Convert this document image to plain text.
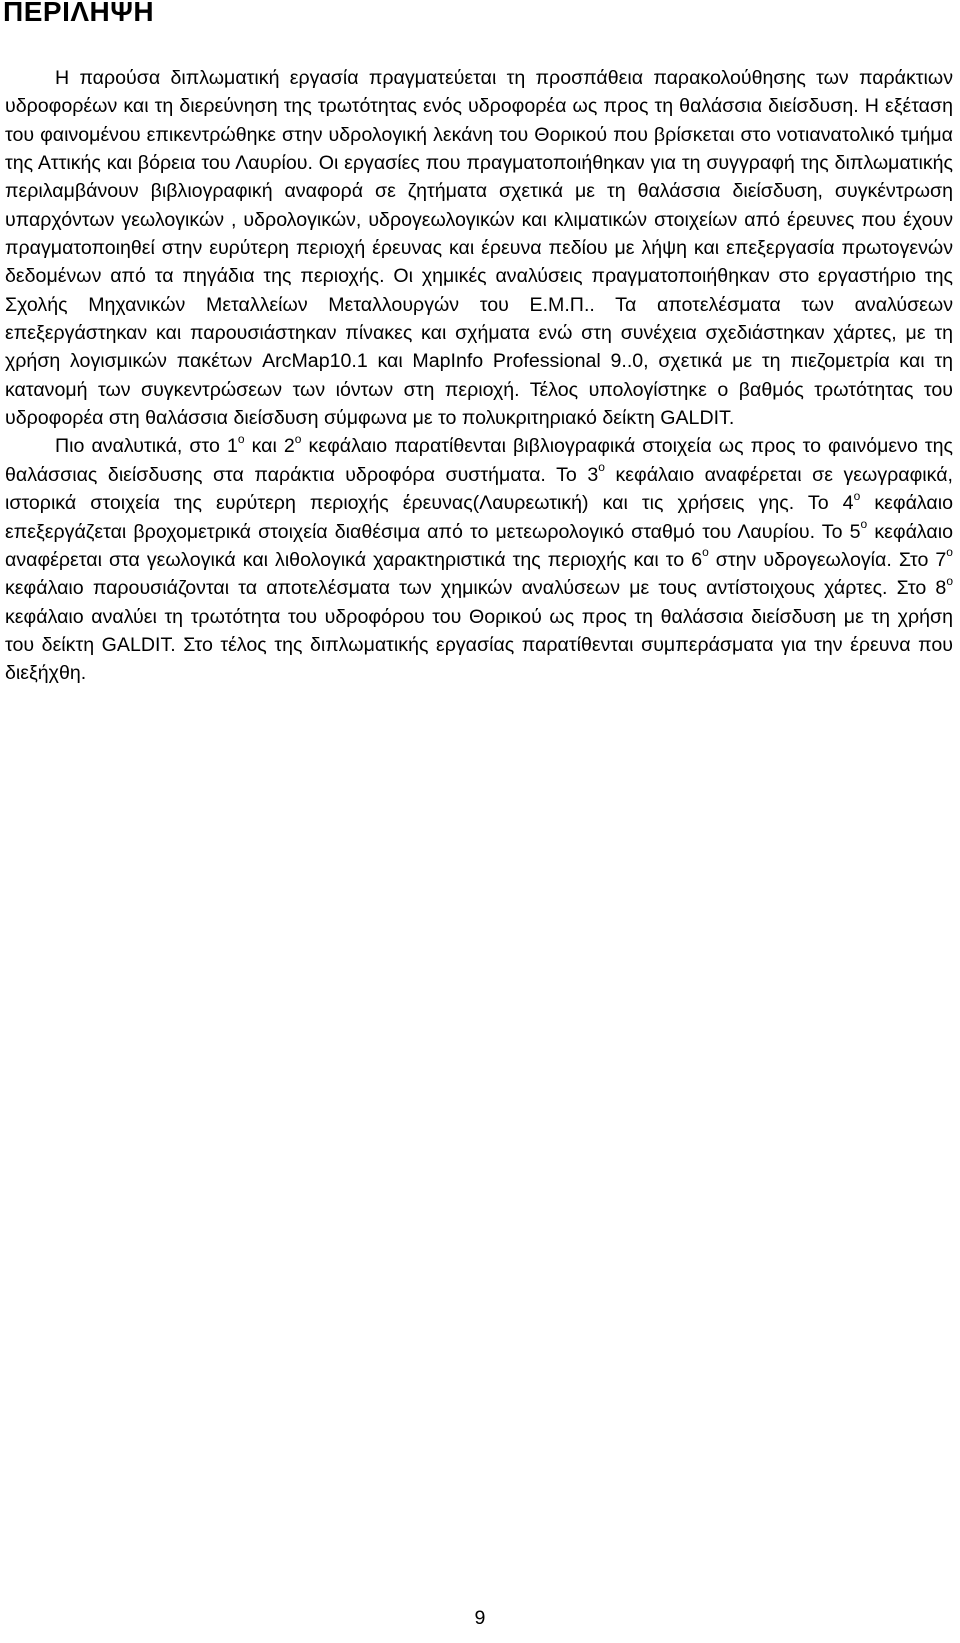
ΠΕΡΙΛΗΨΗ

Η παρούσα διπλωματική εργασία πραγματεύεται τη προσπάθεια παρακολούθησης των παράκτιων υδροφορέων και τη διερεύνηση της τρωτότητας ενός υδροφορέα ως προς τη θαλάσσια διείσδυση. Η εξέταση του φαινομένου επικεντρώθηκε στην υδρολογική λεκάνη του Θορικού που βρίσκεται στο νοτιανατολικό τμήμα της Αττικής και βόρεια του Λαυρίου. Οι εργασίες που πραγματοποιήθηκαν για τη συγγραφή της διπλωματικής περιλαμβάνουν βιβλιογραφική αναφορά σε ζητήματα σχετικά με τη θαλάσσια διείσδυση, συγκέντρωση υπαρχόντων γεωλογικών , υδρολογικών, υδρογεωλογικών και κλιματικών στοιχείων από έρευνες που έχουν πραγματοποιηθεί στην ευρύτερη περιοχή έρευνας και έρευνα πεδίου με λήψη και επεξεργασία πρωτογενών δεδομένων από τα πηγάδια της περιοχής. Οι χημικές αναλύσεις πραγματοποιήθηκαν στο εργαστήριο της Σχολής Μηχανικών Μεταλλείων Μεταλλουργών του Ε.Μ.Π.. Τα αποτελέσματα των αναλύσεων επεξεργάστηκαν και παρουσιάστηκαν πίνακες και σχήματα ενώ στη συνέχεια σχεδιάστηκαν χάρτες, με τη χρήση λογισμικών πακέτων ArcMap10.1 και MapInfo Professional 9..0, σχετικά με τη πιεζομετρία και τη κατανομή των συγκεντρώσεων των ιόντων στη περιοχή. Τέλος υπολογίστηκε ο βαθμός τρωτότητας του υδροφορέα στη θαλάσσια διείσδυση σύμφωνα με το πολυκριτηριακό δείκτη GALDIT.

Πιο αναλυτικά, στο $1^o$ και $2^o$ κεφάλαιο παρατίθενται βιβλιογραφικά στοιχεία ως προς το φαινόμενο της θαλάσσιας διείσδυσης στα παράκτια υδροφόρα συστήματα. Το $3^o$ κεφάλαιο αναφέρεται σε γεωγραφικά, ιστορικά στοιχεία της ευρύτερη περιοχής έρευνας(Λαυρεωτική) και τις χρήσεις γης. Το $4^o$ κεφάλαιο επεξεργάζεται βροχομετρικά στοιχεία διαθέσιμα από το μετεωρολογικό σταθμό του Λαυρίου. Το $5^o$ κεφάλαιο αναφέρεται στα γεωλογικά και λιθολογικά χαρακτηριστικά της περιοχής και το $6^o$ στην υδρογεωλογία. Στο $7^o$ κεφάλαιο παρουσιάζονται τα αποτελέσματα των χημικών αναλύσεων με τους αντίστοιχους χάρτες. Στο $8^o$ κεφάλαιο αναλύει τη τρωτότητα του υδροφόρου του Θορικού ως προς τη θαλάσσια διείσδυση με τη χρήση του δείκτη GALDIT. Στο τέλος της διπλωματικής εργασίας παρατίθενται συμπεράσματα για την έρευνα που διεξήχθη.

9
